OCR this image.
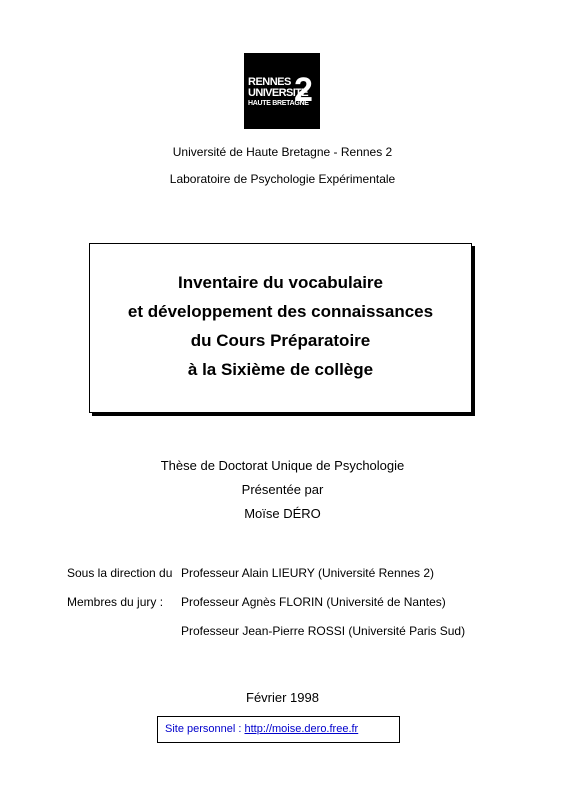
RENNES
UNIVERSITE
HAUTE BRETAGNE
2
Université de Haute Bretagne - Rennes 2
Laboratoire de Psychologie Expérimentale
Inventaire du vocabulaire
et développement des connaissances
du Cours Préparatoire
à la Sixième de collège
Thèse de Doctorat Unique de Psychologie
Présentée par
Moïse DÉRO
Sous la direction du Professeur Alain LIEURY (Université Rennes 2)
Membres du jury : Professeur Agnès FLORIN (Université de Nantes)
Professeur Jean-Pierre ROSSI (Université Paris Sud)
Février 1998
Site personnel : http://moise.dero.free.fr
